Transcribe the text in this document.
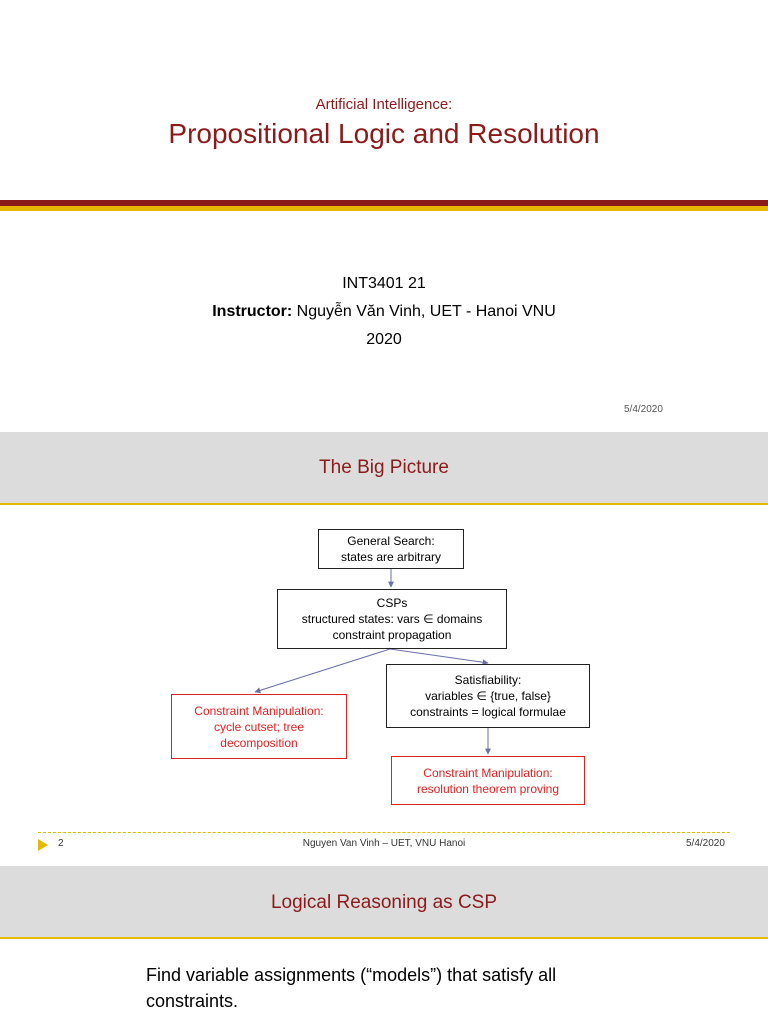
Artificial Intelligence:
Propositional Logic and Resolution
INT3401 21
Instructor: Nguyễn Văn Vinh, UET - Hanoi VNU
2020
5/4/2020
The Big Picture
General Search:
states are arbitrary
CSPs
structured states: vars ∈ domains
constraint propagation
Satisfiability:
variables ∈ {true, false}
constraints = logical formulae
Constraint Manipulation:
cycle cutset; tree
decomposition
Constraint Manipulation:
resolution theorem proving
2	Nguyen Van Vinh – UET, VNU Hanoi	5/4/2020
Logical Reasoning as CSP
Find variable assignments (“models”) that satisfy all constraints.
